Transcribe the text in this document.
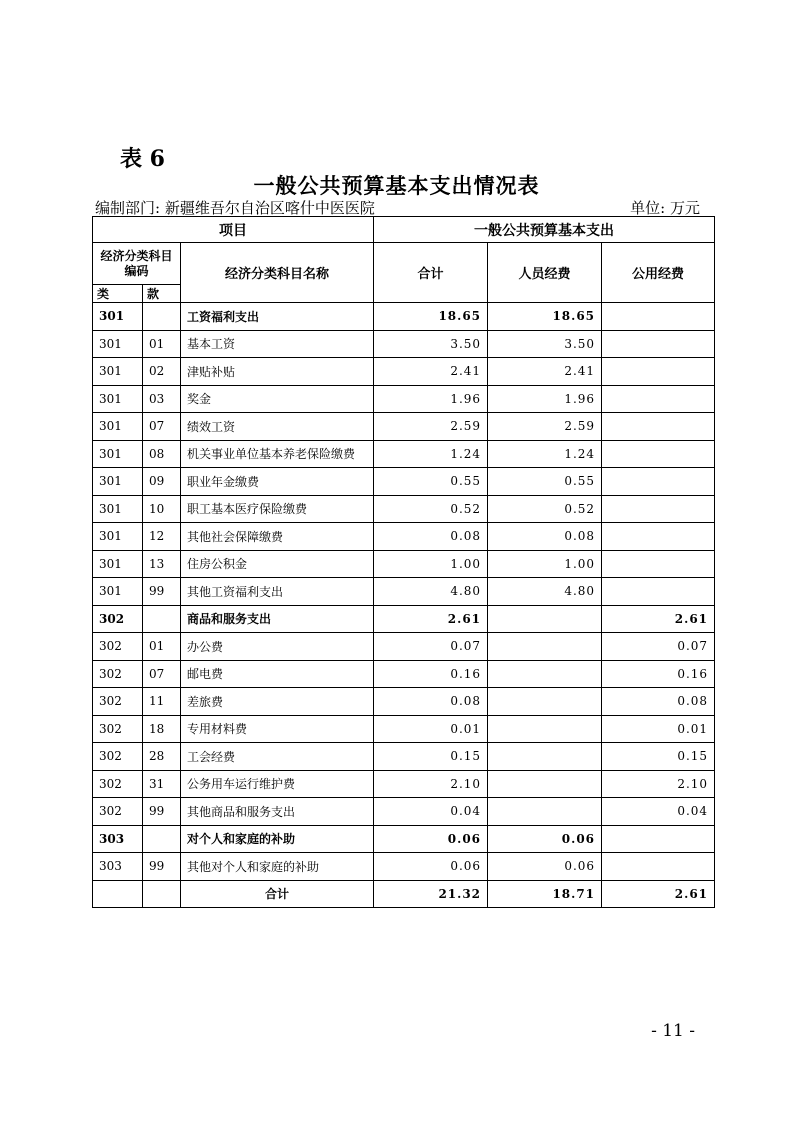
表 6
一般公共预算基本支出情况表
编制部门: 新疆维吾尔自治区喀什中医医院	单位: 万元
项目			一般公共预算基本支出		
经济分类科目编码		经济分类科目名称	合计	人员经费	公用经费
类	款				
301		工资福利支出	18.65	18.65	
301	01	基本工资	3.50	3.50	
301	02	津贴补贴	2.41	2.41	
301	03	奖金	1.96	1.96	
301	07	绩效工资	2.59	2.59	
301	08	机关事业单位基本养老保险缴费	1.24	1.24	
301	09	职业年金缴费	0.55	0.55	
301	10	职工基本医疗保险缴费	0.52	0.52	
301	12	其他社会保障缴费	0.08	0.08	
301	13	住房公积金	1.00	1.00	
301	99	其他工资福利支出	4.80	4.80	
302		商品和服务支出	2.61		2.61
302	01	办公费	0.07		0.07
302	07	邮电费	0.16		0.16
302	11	差旅费	0.08		0.08
302	18	专用材料费	0.01		0.01
302	28	工会经费	0.15		0.15
302	31	公务用车运行维护费	2.10		2.10
302	99	其他商品和服务支出	0.04		0.04
303		对个人和家庭的补助	0.06	0.06	
303	99	其他对个人和家庭的补助	0.06	0.06	
		合计	21.32	18.71	2.61
- 11 -
